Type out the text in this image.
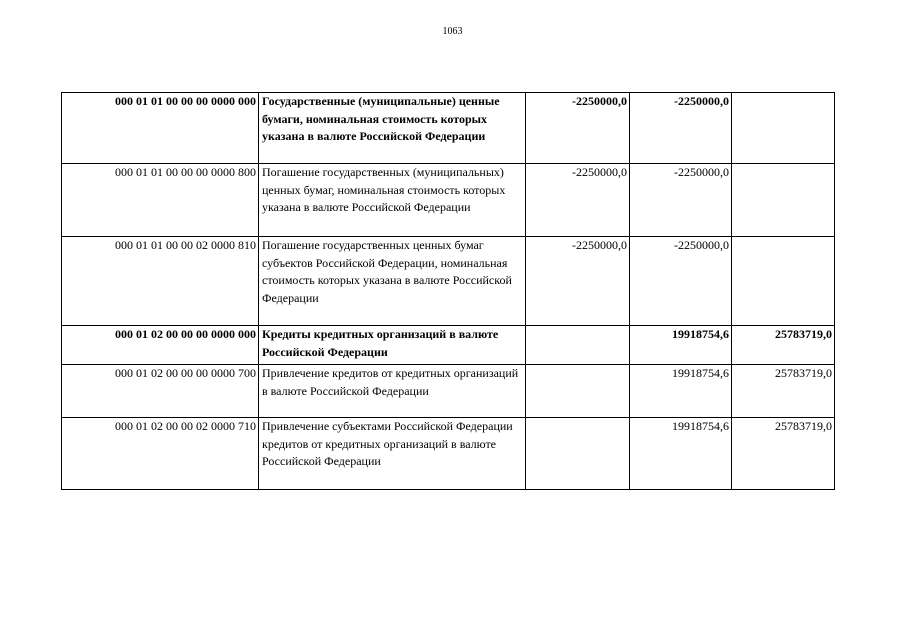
1063
000 01 01 00 00 00 0000 000	Государственные (муниципальные) ценные бумаги, номинальная стоимость которых указана в валюте Российской Федерации	-2250000,0	-2250000,0	
000 01 01 00 00 00 0000 800	Погашение государственных (муниципальных) ценных бумаг, номинальная стоимость которых указана в валюте Российской Федерации	-2250000,0	-2250000,0	
000 01 01 00 00 02 0000 810	Погашение государственных ценных бумаг субъектов Российской Федерации, номинальная стоимость которых указана в валюте Российской Федерации	-2250000,0	-2250000,0	
000 01 02 00 00 00 0000 000	Кредиты кредитных организаций в валюте Российской Федерации		19918754,6	25783719,0
000 01 02 00 00 00 0000 700	Привлечение кредитов от кредитных организаций в валюте Российской Федерации		19918754,6	25783719,0
000 01 02 00 00 02 0000 710	Привлечение субъектами Российской Федерации кредитов от кредитных организаций в валюте Российской Федерации		19918754,6	25783719,0
